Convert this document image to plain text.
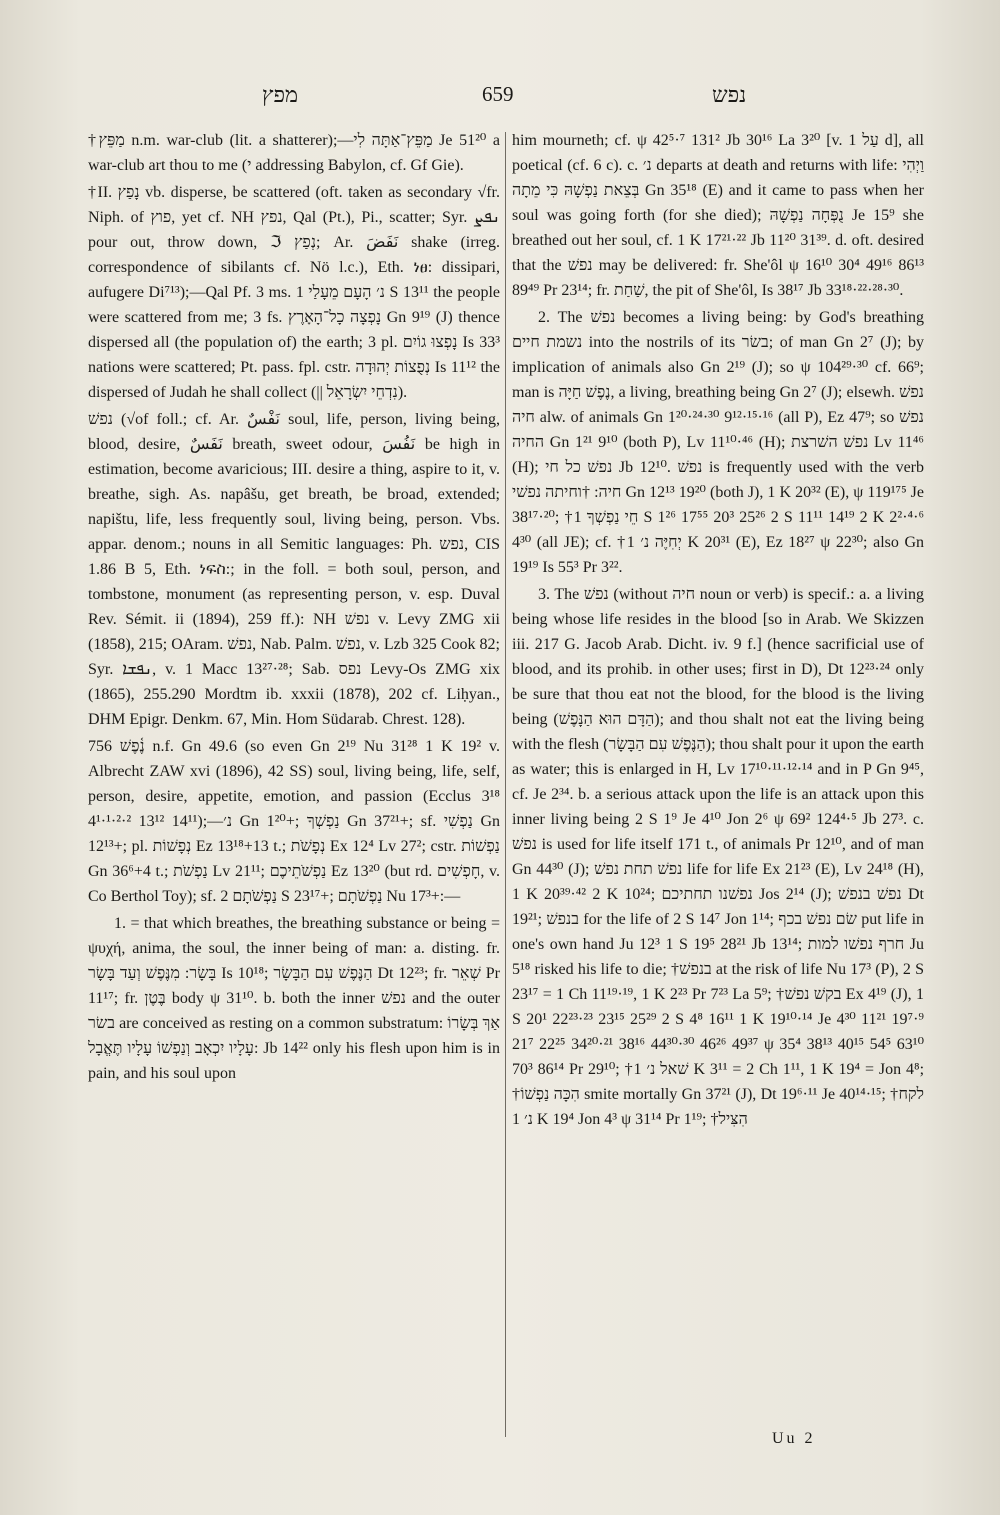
מפץ	659	נפש

†מַפֵּץ n.m. war-club (lit. a shatterer);—מַפֵּץ־אַתָּה לִי Je 51²⁰ a war-club art thou to me (י addressing Babylon, cf. Gf Gie).

†II. נָפַץ vb. disperse, be scattered (oft. taken as secondary √fr. Niph. of פוץ, yet cf. NH נפץ, Qal (Pt.), Pi., scatter; Syr. ܢܦܨ pour out, throw down, ℑ נְפַץ; Ar. نَفَضَ shake (irreg. correspondence of sibilants cf. Nö l.c.), Eth. ነፀ: dissipari, aufugere Di⁷¹³);—Qal Pf. 3 ms. נ׳ הָעָם מֵעָלַי 1 S 13¹¹ the people were scattered from me; 3 fs. נָפְצָה כָל־הָאָרֶץ Gn 9¹⁹ (J) thence dispersed all (the population of) the earth; 3 pl. נָפְצוּ גוֹיִם Is 33³ nations were scattered; Pt. pass. fpl. cstr. נְפֻצוֹת יְהוּדָה Is 11¹² the dispersed of Judah he shall collect (|| נִדְחֵי יִשְׂרָאֵל).

נפשׁ (√of foll.; cf. Ar. نَفْسٌ soul, life, person, living being, blood, desire, نَفَسٌ breath, sweet odour, نَفُسَ be high in estimation, become avaricious; III. desire a thing, aspire to it, v. breathe, sigh. As. napâšu, get breath, be broad, extended; napištu, life, less frequently soul, living being, person. Vbs. appar. denom.; nouns in all Semitic languages: Ph. נפש, CIS 1.86 B 5, Eth. ነፍስ:; in the foll. = both soul, person, and tombstone, monument (as representing person, v. esp. Duval Rev. Sémit. ii (1894), 259 ff.): NH נפשׁ v. Levy ZMG xii (1858), 215; OAram. נפשׁ, Nab. Palm. נפשׁ, v. Lzb 325 Cook 82; Syr. ܢܦܫܐ, v. 1 Macc 13²⁷·²⁸; Sab. נפס Levy-Os ZMG xix (1865), 255.290 Mordtm ib. xxxii (1878), 202 cf. Liḥyan., DHM Epigr. Denkm. 67, Min. Hom Südarab. Chrest. 128).

נֶ֫פֶשׁ 756 n.f. Gn 49.6 (so even Gn 2¹⁹ Nu 31²⁸ 1 K 19² v. Albrecht ZAW xvi (1896), 42 SS) soul, living being, life, self, person, desire, appetite, emotion, and passion (Ecclus 3¹⁸ 4¹·¹·²·² 13¹² 14¹¹);—נ׳ Gn 1²⁰+; נַפְשְׁךָ Gn 37²¹+; sf. נַפְשִׁי Gn 12¹³+; pl. נְפָשׁוֹת Ez 13¹⁸+13 t.; נְפָשֹׁת Ex 12⁴ Lv 27²; cstr. נַפְשׁוֹת Gn 36⁶+4 t.; נַפְשֹׁת Lv 21¹¹; נַפְשֹׁתֵיכֶם Ez 13²⁰ (but rd. חָפְשִׁים, v. Co Berthol Toy); sf. נַפְשֹׁתָם 2 S 23¹⁷+; נַפְשֹׁתָם Nu 17³+:—

1. = that which breathes, the breathing substance or being = ψυχή, anima, the soul, the inner being of man: a. disting. fr. בָּשָׂר: מִנֶּפֶשׁ וְעַד בָּשָׂר Is 10¹⁸; הַנֶּפֶשׁ עִם הַבָּשָׂר Dt 12²³; fr. שְׁאֵר Pr 11¹⁷; fr. בֶּטֶן body ψ 31¹⁰. b. both the inner נפשׁ and the outer בשׂר are conceived as resting on a common substratum: אַךְ בְּשָׂרוֹ עָלָיו יִכְאָב וְנַפְשׁוֹ עָלָיו תֶּאֱבָל: Jb 14²² only his flesh upon him is in pain, and his soul upon

him mourneth; cf. ψ 42⁵·⁷ 131² Jb 30¹⁶ La 3²⁰ [v. עַל 1 d], all poetical (cf. 6 c). c. נ׳ departs at death and returns with life: וַיְהִי בְּצֵאת נַפְשָׁהּ כִּי מֵתָה Gn 35¹⁸ (E) and it came to pass when her soul was going forth (for she died); נֻפְּחָה נַפְשָׁהּ Je 15⁹ she breathed out her soul, cf. 1 K 17²¹·²² Jb 11²⁰ 31³⁹. d. oft. desired that the נפשׁ may be delivered: fr. She'ôl ψ 16¹⁰ 30⁴ 49¹⁶ 86¹³ 89⁴⁹ Pr 23¹⁴; fr. שַׁחַת, the pit of She'ôl, Is 38¹⁷ Jb 33¹⁸·²²·²⁸·³⁰.

2. The נפשׁ becomes a living being: by God's breathing נשמת חיים into the nostrils of its בשׂר; of man Gn 2⁷ (J); by implication of animals also Gn 2¹⁹ (J); so ψ 104²⁹·³⁰ cf. 66⁹; man is נֶפֶשׁ חַיָּה, a living, breathing being Gn 2⁷ (J); elsewh. נפשׁ חיה alw. of animals Gn 1²⁰·²⁴·³⁰ 9¹²·¹⁵·¹⁶ (all P), Ez 47⁹; so נפשׁ החיה Gn 1²¹ 9¹⁰ (both P), Lv 11¹⁰·⁴⁶ (H); נפשׁ השׁרצת Lv 11⁴⁶ (H); נפשׁ כל חי Jb 12¹⁰. נפשׁ is frequently used with the verb חיה: †וחיתה נפשׁי Gn 12¹³ 19²⁰ (both J), 1 K 20³² (E), ψ 119¹⁷⁵ Je 38¹⁷·²⁰; †חֵי נַפְשְׁךָ 1 S 1²⁶ 17⁵⁵ 20³ 25²⁶ 2 S 11¹¹ 14¹⁹ 2 K 2²·⁴·⁶ 4³⁰ (all JE); cf. †יְחִיֶּה נ׳ 1 K 20³¹ (E), Ez 18²⁷ ψ 22³⁰; also Gn 19¹⁹ Is 55³ Pr 3²².

3. The נפשׁ (without חיה noun or verb) is specif.: a. a living being whose life resides in the blood [so in Arab. We Skizzen iii. 217 G. Jacob Arab. Dicht. iv. 9 f.] (hence sacrificial use of blood, and its prohib. in other uses; first in D), Dt 12²³·²⁴ only be sure that thou eat not the blood, for the blood is the living being (הַדָּם הוּא הַנָּפֶשׁ); and thou shalt not eat the living being with the flesh (הַנֶּפֶשׁ עִם הַבָּשָׂר); thou shalt pour it upon the earth as water; this is enlarged in H, Lv 17¹⁰·¹¹·¹²·¹⁴ and in P Gn 9⁴⁵, cf. Je 2³⁴. b. a serious attack upon the life is an attack upon this inner living being 2 S 1⁹ Je 4¹⁰ Jon 2⁶ ψ 69² 124⁴·⁵ Jb 27³. c. נפשׁ is used for life itself 171 t., of animals Pr 12¹⁰, and of man Gn 44³⁰ (J); נפשׁ תחת נפשׁ life for life Ex 21²³ (E), Lv 24¹⁸ (H), 1 K 20³⁹·⁴² 2 K 10²⁴; נפשׁנו תחתיכם Jos 2¹⁴ (J); נפשׁ בנפשׁ Dt 19²¹; בנפשׁ for the life of 2 S 14⁷ Jon 1¹⁴; שׂם נפשׁ בכף put life in one's own hand Ju 12³ 1 S 19⁵ 28²¹ Jb 13¹⁴; חרף נפשׁו למות Ju 5¹⁸ risked his life to die; †בנפשׁ at the risk of life Nu 17³ (P), 2 S 23¹⁷ = 1 Ch 11¹⁹·¹⁹, 1 K 2²³ Pr 7²³ La 5⁹; †בקשׁ נפשׁ Ex 4¹⁹ (J), 1 S 20¹ 22²³·²³ 23¹⁵ 25²⁹ 2 S 4⁸ 16¹¹ 1 K 19¹⁰·¹⁴ Je 4³⁰ 11²¹ 19⁷·⁹ 21⁷ 22²⁵ 34²⁰·²¹ 38¹⁶ 44³⁰·³⁰ 46²⁶ 49³⁷ ψ 35⁴ 38¹³ 40¹⁵ 54⁵ 63¹⁰ 70³ 86¹⁴ Pr 29¹⁰; †שׁאל נ׳ 1 K 3¹¹ = 2 Ch 1¹¹, 1 K 19⁴ = Jon 4⁸; †הִכָּה נַפְשׁוֹ smite mortally Gn 37²¹ (J), Dt 19⁶·¹¹ Je 40¹⁴·¹⁵; †לקח נ׳ 1 K 19⁴ Jon 4³ ψ 31¹⁴ Pr 1¹⁹; †הִצִּיל

Uu 2
